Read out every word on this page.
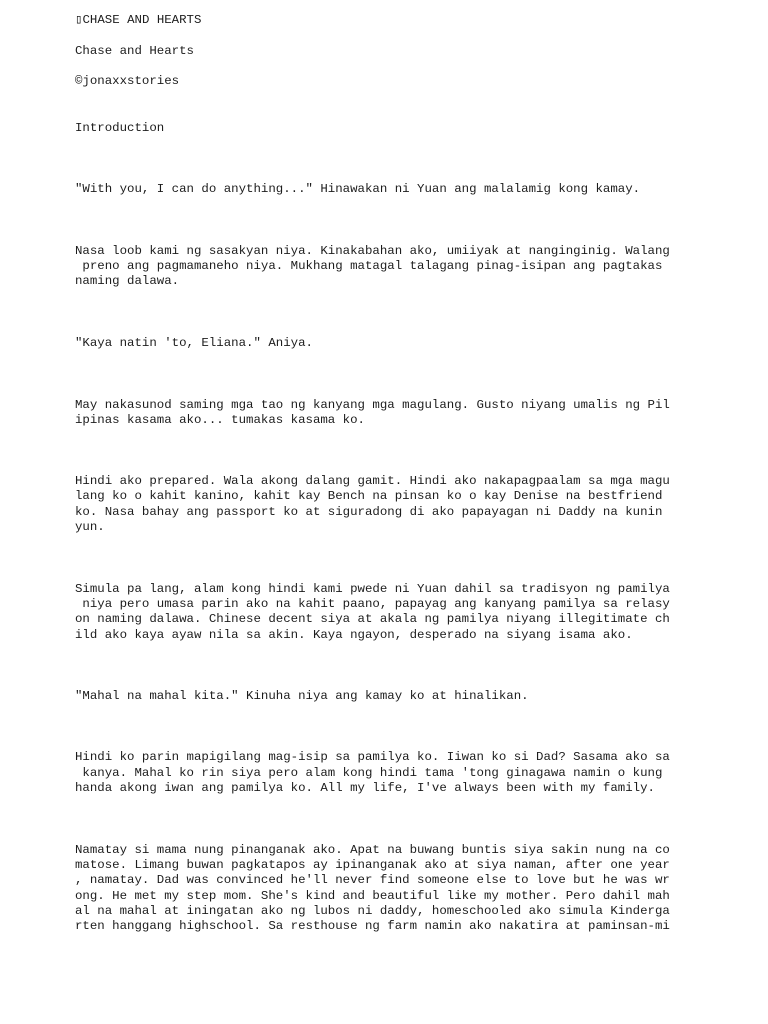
▯CHASE AND HEARTS

Chase and Hearts

©jonaxxstories

Introduction

"With you, I can do anything..." Hinawakan ni Yuan ang malalamig kong kamay.

Nasa loob kami ng sasakyan niya. Kinakabahan ako, umiiyak at nanginginig. Walang

preno ang pagmamaneho niya. Mukhang matagal talagang pinag-isipan ang pagtakas

naming dalawa.

"Kaya natin 'to, Eliana." Aniya.

May nakasunod saming mga tao ng kanyang mga magulang. Gusto niyang umalis ng Pil

ipinas kasama ako... tumakas kasama ko.

Hindi ako prepared. Wala akong dalang gamit. Hindi ako nakapagpaalam sa mga magu

lang ko o kahit kanino, kahit kay Bench na pinsan ko o kay Denise na bestfriend

ko. Nasa bahay ang passport ko at siguradong di ako papayagan ni Daddy na kunin

yun.

Simula pa lang, alam kong hindi kami pwede ni Yuan dahil sa tradisyon ng pamilya

niya pero umasa parin ako na kahit paano, papayag ang kanyang pamilya sa relasy

on naming dalawa. Chinese decent siya at akala ng pamilya niyang illegitimate ch

ild ako kaya ayaw nila sa akin. Kaya ngayon, desperado na siyang isama ako.

"Mahal na mahal kita." Kinuha niya ang kamay ko at hinalikan.

Hindi ko parin mapigilang mag-isip sa pamilya ko. Iiwan ko si Dad? Sasama ako sa

kanya. Mahal ko rin siya pero alam kong hindi tama 'tong ginagawa namin o kung

handa akong iwan ang pamilya ko. All my life, I've always been with my family.

Namatay si mama nung pinanganak ako. Apat na buwang buntis siya sakin nung na co

matose. Limang buwan pagkatapos ay ipinanganak ako at siya naman, after one year

, namatay. Dad was convinced he'll never find someone else to love but he was wr

ong. He met my step mom. She's kind and beautiful like my mother. Pero dahil mah

al na mahal at iningatan ako ng lubos ni daddy, homeschooled ako simula Kinderga

rten hanggang highschool. Sa resthouse ng farm namin ako nakatira at paminsan-mi
